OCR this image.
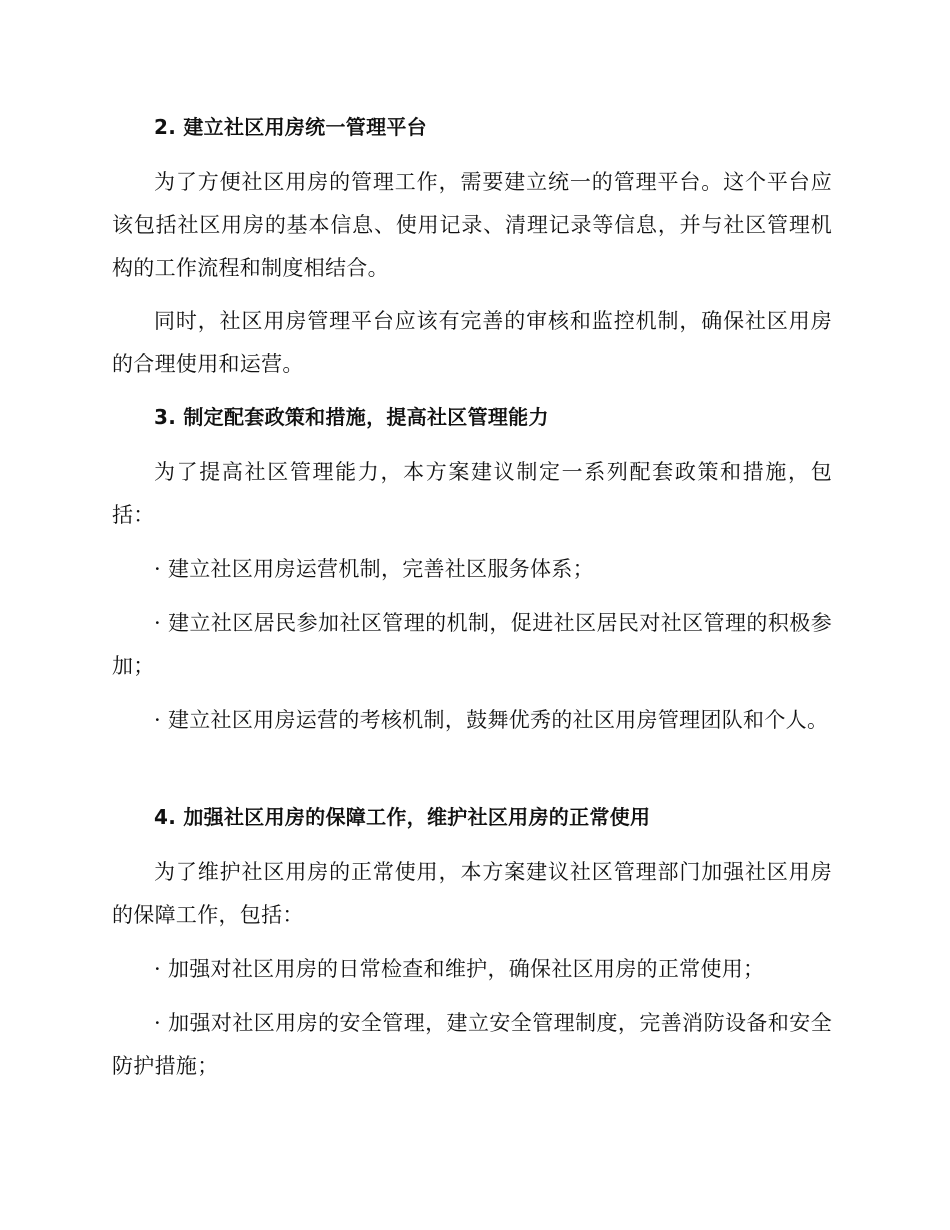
2. 建立社区用房统一管理平台

为了方便社区用房的管理工作，需要建立统一的管理平台。这个平台应该包括社区用房的基本信息、使用记录、清理记录等信息，并与社区管理机构的工作流程和制度相结合。

同时，社区用房管理平台应该有完善的审核和监控机制，确保社区用房的合理使用和运营。

3. 制定配套政策和措施，提高社区管理能力

为了提高社区管理能力，本方案建议制定一系列配套政策和措施，包括：

· 建立社区用房运营机制，完善社区服务体系；

· 建立社区居民参加社区管理的机制，促进社区居民对社区管理的积极参加；

· 建立社区用房运营的考核机制，鼓舞优秀的社区用房管理团队和个人。

4. 加强社区用房的保障工作，维护社区用房的正常使用

为了维护社区用房的正常使用，本方案建议社区管理部门加强社区用房的保障工作，包括：

· 加强对社区用房的日常检查和维护，确保社区用房的正常使用；

· 加强对社区用房的安全管理，建立安全管理制度，完善消防设备和安全防护措施；
